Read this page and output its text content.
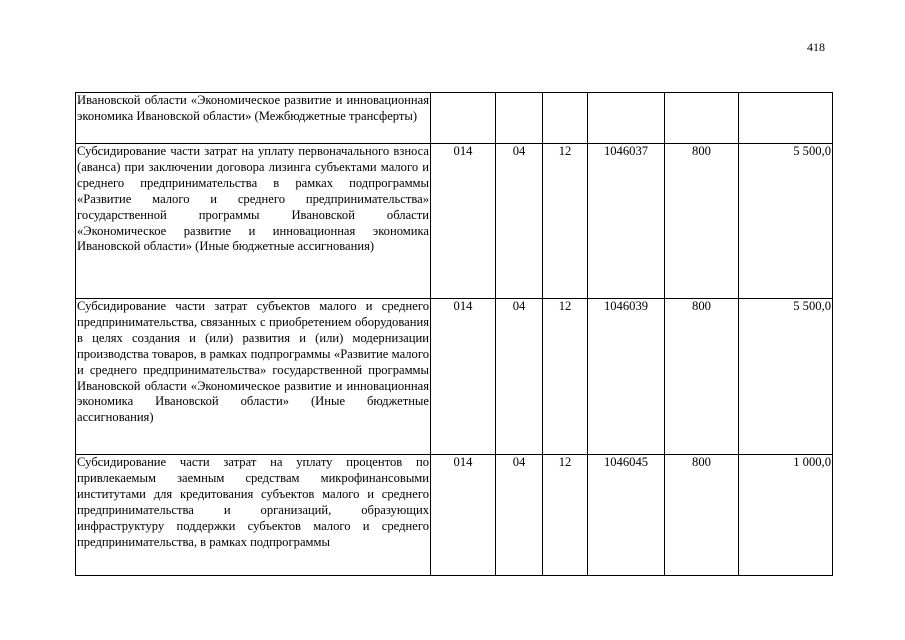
418
Ивановской области «Экономическое развитие и инновационная экономика Ивановской области» (Межбюджетные трансферты)						
Субсидирование части затрат на уплату первоначального взноса (аванса) при заключении договора лизинга субъектами малого и среднего предпринимательства в рамках подпрограммы «Развитие малого и среднего предпринимательства» государственной программы Ивановской области «Экономическое развитие и инновационная экономика Ивановской области» (Иные бюджетные ассигнования)	014	04	12	1046037	800	5 500,0
Субсидирование части затрат субъектов малого и среднего предпринимательства, связанных с приобретением оборудования в целях создания и (или) развития и (или) модернизации производства товаров, в рамках подпрограммы «Развитие малого и среднего предпринимательства» государственной программы Ивановской области «Экономическое развитие и инновационная экономика Ивановской области» (Иные бюджетные ассигнования)	014	04	12	1046039	800	5 500,0
Субсидирование части затрат на уплату процентов по привлекаемым заемным средствам микрофинансовыми институтами для кредитования субъектов малого и среднего предпринимательства и организаций, образующих инфраструктуру поддержки субъектов малого и среднего предпринимательства, в рамках подпрограммы	014	04	12	1046045	800	1 000,0
